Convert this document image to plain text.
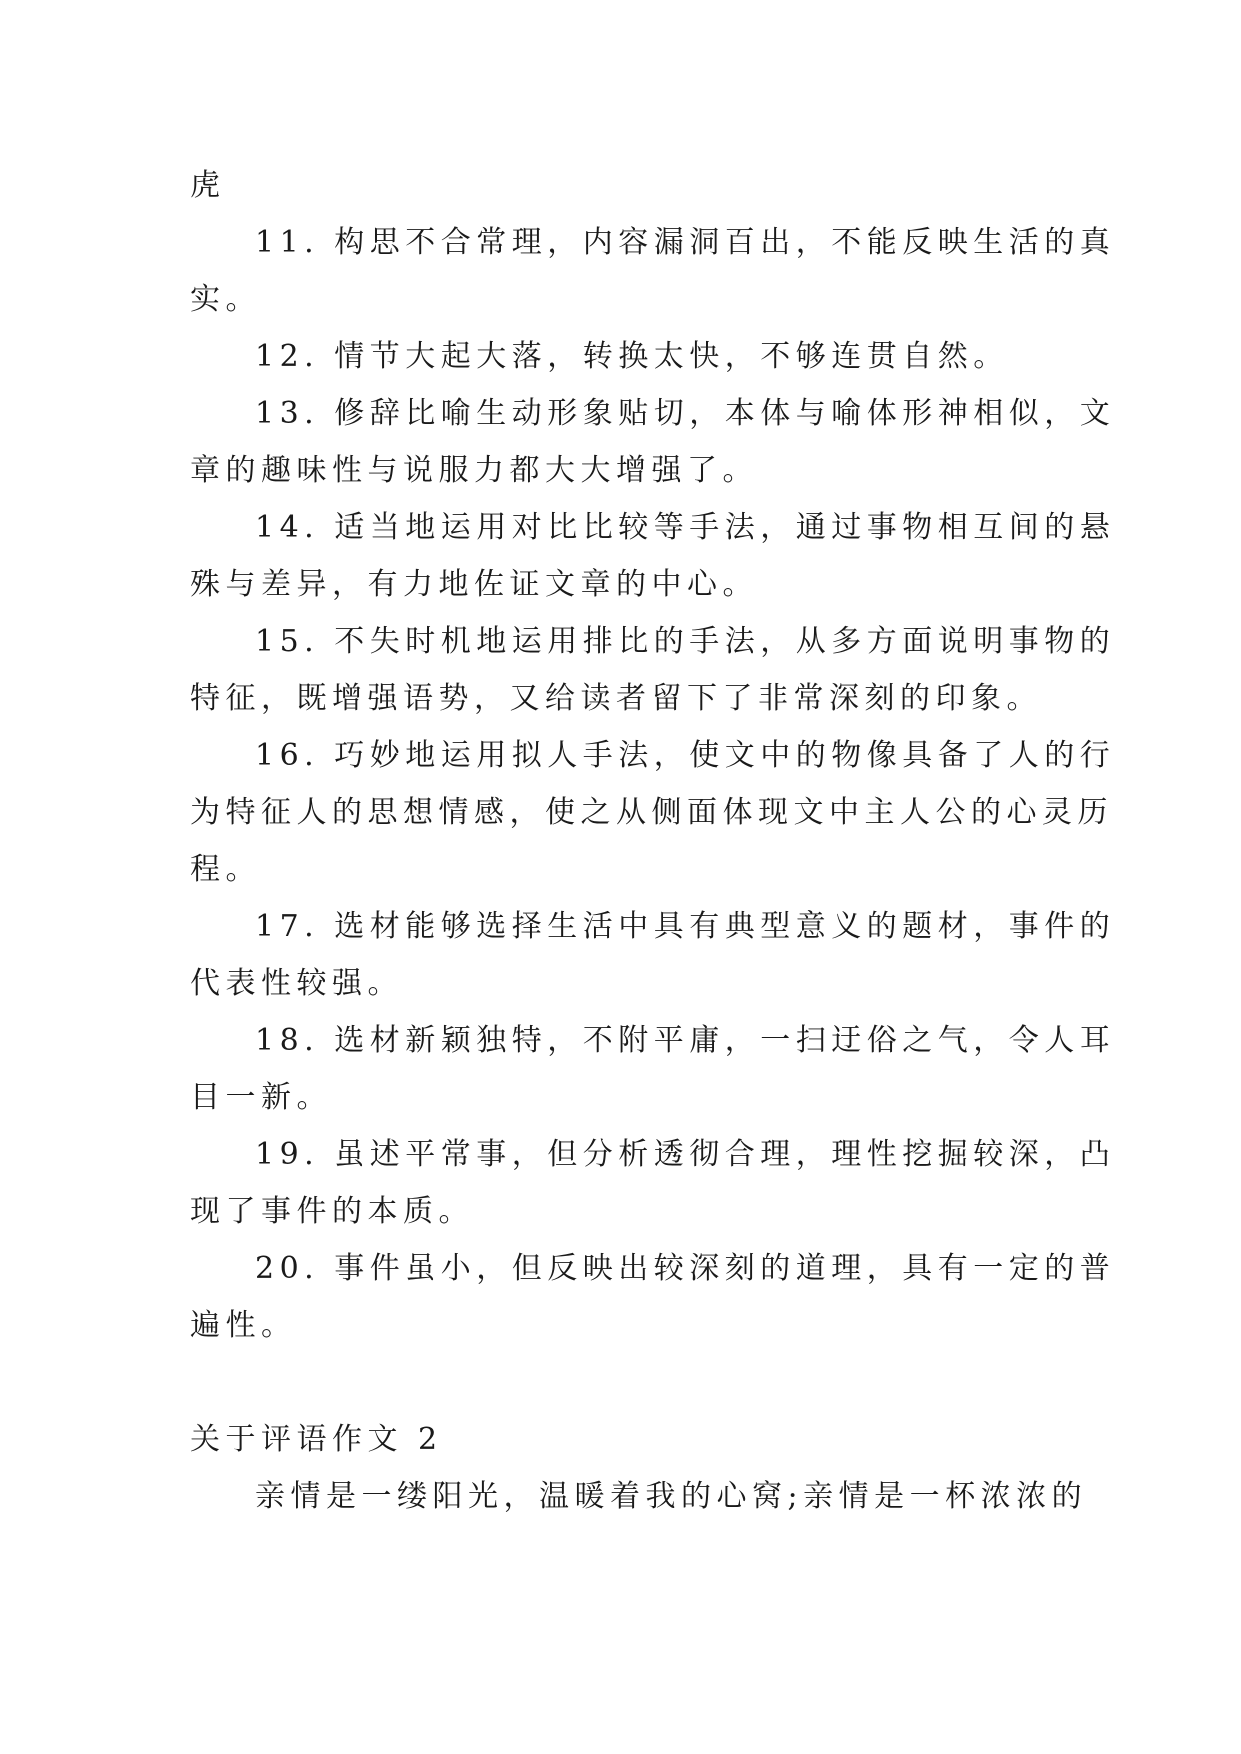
虎
11. 构思不合常理，内容漏洞百出，不能反映生活的真
实。
12. 情节大起大落，转换太快，不够连贯自然。
13. 修辞比喻生动形象贴切，本体与喻体形神相似，文
章的趣味性与说服力都大大增强了。
14. 适当地运用对比比较等手法，通过事物相互间的悬
殊与差异，有力地佐证文章的中心。
15. 不失时机地运用排比的手法，从多方面说明事物的
特征，既增强语势，又给读者留下了非常深刻的印象。
16. 巧妙地运用拟人手法，使文中的物像具备了人的行
为特征人的思想情感，使之从侧面体现文中主人公的心灵历
程。
17. 选材能够选择生活中具有典型意义的题材，事件的
代表性较强。
18. 选材新颖独特，不附平庸，一扫迂俗之气，令人耳
目一新。
19. 虽述平常事，但分析透彻合理，理性挖掘较深，凸
现了事件的本质。
20. 事件虽小，但反映出较深刻的道理，具有一定的普
遍性。
关于评语作文 2
亲情是一缕阳光，温暖着我的心窝;亲情是一杯浓浓的
